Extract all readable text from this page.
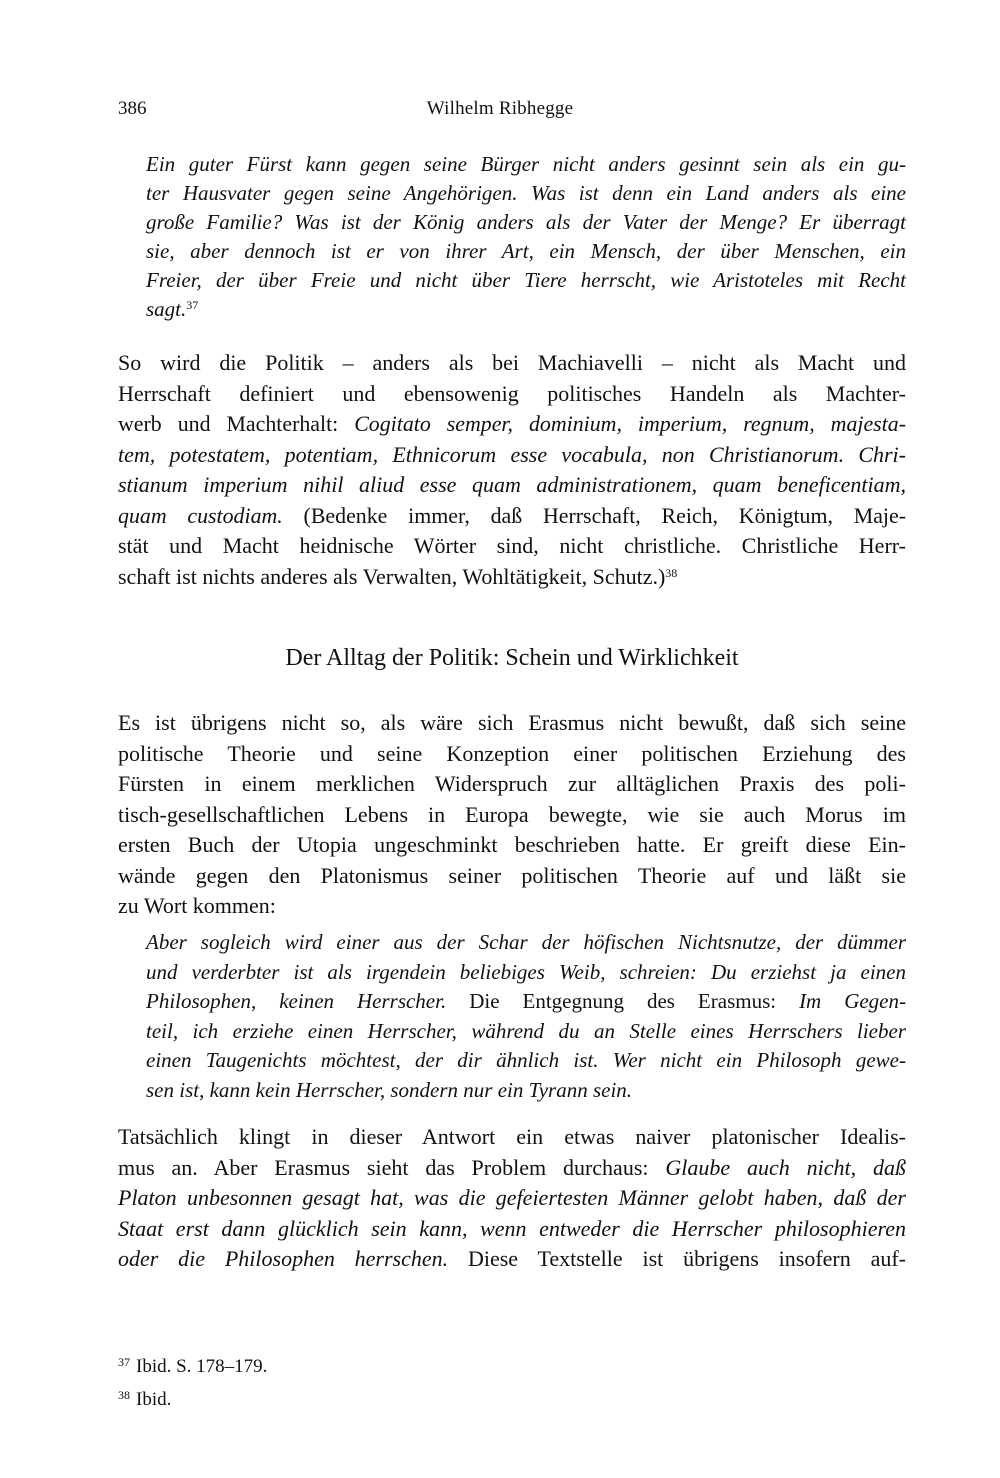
386	Wilhelm Ribhegge
Ein guter Fürst kann gegen seine Bürger nicht anders gesinnt sein als ein gu-
ter Hausvater gegen seine Angehörigen. Was ist denn ein Land anders als eine
große Familie? Was ist der König anders als der Vater der Menge? Er überragt
sie, aber dennoch ist er von ihrer Art, ein Mensch, der über Menschen, ein
Freier, der über Freie und nicht über Tiere herrscht, wie Aristoteles mit Recht
sagt.$^{37}$
So wird die Politik – anders als bei Machiavelli – nicht als Macht und
Herrschaft definiert und ebensowenig politisches Handeln als Machter-
werb und Machterhalt: Cogitato semper, dominium, imperium, regnum, majesta-
tem, potestatem, potentiam, Ethnicorum esse vocabula, non Christianorum. Chri-
stianum imperium nihil aliud esse quam administrationem, quam beneficentiam,
quam custodiam. (Bedenke immer, daß Herrschaft, Reich, Königtum, Maje-
stät und Macht heidnische Wörter sind, nicht christliche. Christliche Herr-
schaft ist nichts anderes als Verwalten, Wohltätigkeit, Schutz.)$^{38}$
Der Alltag der Politik: Schein und Wirklichkeit
Es ist übrigens nicht so, als wäre sich Erasmus nicht bewußt, daß sich seine
politische Theorie und seine Konzeption einer politischen Erziehung des
Fürsten in einem merklichen Widerspruch zur alltäglichen Praxis des poli-
tisch-gesellschaftlichen Lebens in Europa bewegte, wie sie auch Morus im
ersten Buch der Utopia ungeschminkt beschrieben hatte. Er greift diese Ein-
wände gegen den Platonismus seiner politischen Theorie auf und läßt sie
zu Wort kommen:
Aber sogleich wird einer aus der Schar der höfischen Nichtsnutze, der dümmer
und verderbter ist als irgendein beliebiges Weib, schreien: Du erziehst ja einen
Philosophen, keinen Herrscher. Die Entgegnung des Erasmus: Im Gegen-
teil, ich erziehe einen Herrscher, während du an Stelle eines Herrschers lieber
einen Taugenichts möchtest, der dir ähnlich ist. Wer nicht ein Philosoph gewe-
sen ist, kann kein Herrscher, sondern nur ein Tyrann sein.
Tatsächlich klingt in dieser Antwort ein etwas naiver platonischer Idealis-
mus an. Aber Erasmus sieht das Problem durchaus: Glaube auch nicht, daß
Platon unbesonnen gesagt hat, was die gefeiertesten Männer gelobt haben, daß der
Staat erst dann glücklich sein kann, wenn entweder die Herrscher philosophieren
oder die Philosophen herrschen. Diese Textstelle ist übrigens insofern auf-
$^{37}$ Ibid. S. 178–179.
$^{38}$ Ibid.
